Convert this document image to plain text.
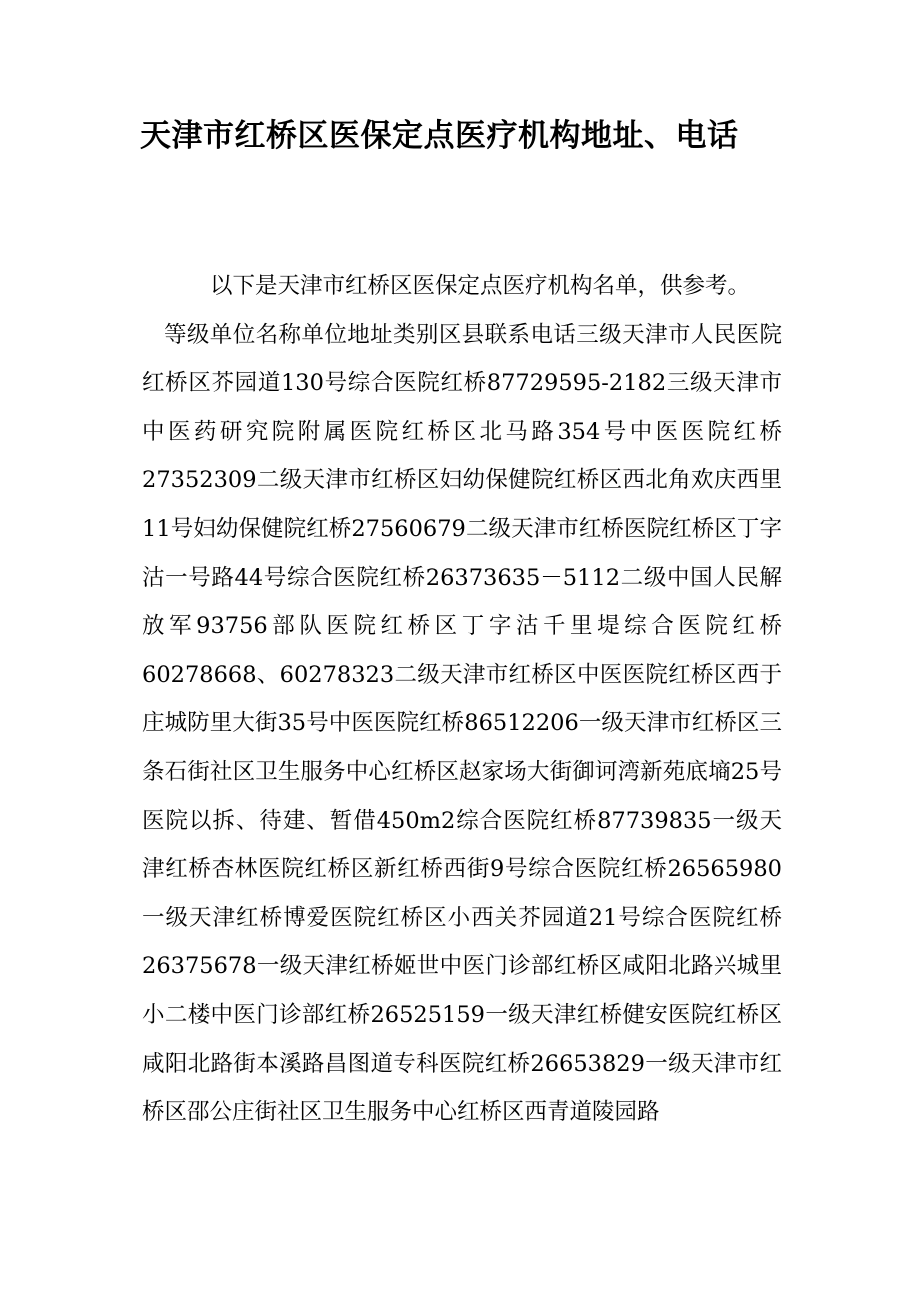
天津市红桥区医保定点医疗机构地址、电话

以下是天津市红桥区医保定点医疗机构名单，供参考。

等级单位名称单位地址类别区县联系电话三级天津市人民医院红桥区芥园道130号综合医院红桥87729595-2182三级天津市中医药研究院附属医院红桥区北马路354号中医医院红桥27352309二级天津市红桥区妇幼保健院红桥区西北角欢庆西里11号妇幼保健院红桥27560679二级天津市红桥医院红桥区丁字沽一号路44号综合医院红桥26373635－5112二级中国人民解放军93756部队医院红桥区丁字沽千里堤综合医院红桥60278668、60278323二级天津市红桥区中医医院红桥区西于庄城防里大街35号中医医院红桥86512206一级天津市红桥区三条石街社区卫生服务中心红桥区赵家场大街御诃湾新苑底墒25号医院以拆、待建、暂借450m2综合医院红桥87739835一级天津红桥杏林医院红桥区新红桥西街9号综合医院红桥26565980一级天津红桥博爱医院红桥区小西关芥园道21号综合医院红桥26375678一级天津红桥姬世中医门诊部红桥区咸阳北路兴城里小二楼中医门诊部红桥26525159一级天津红桥健安医院红桥区咸阳北路街本溪路昌图道专科医院红桥26653829一级天津市红桥区邵公庄街社区卫生服务中心红桥区西青道陵园路
